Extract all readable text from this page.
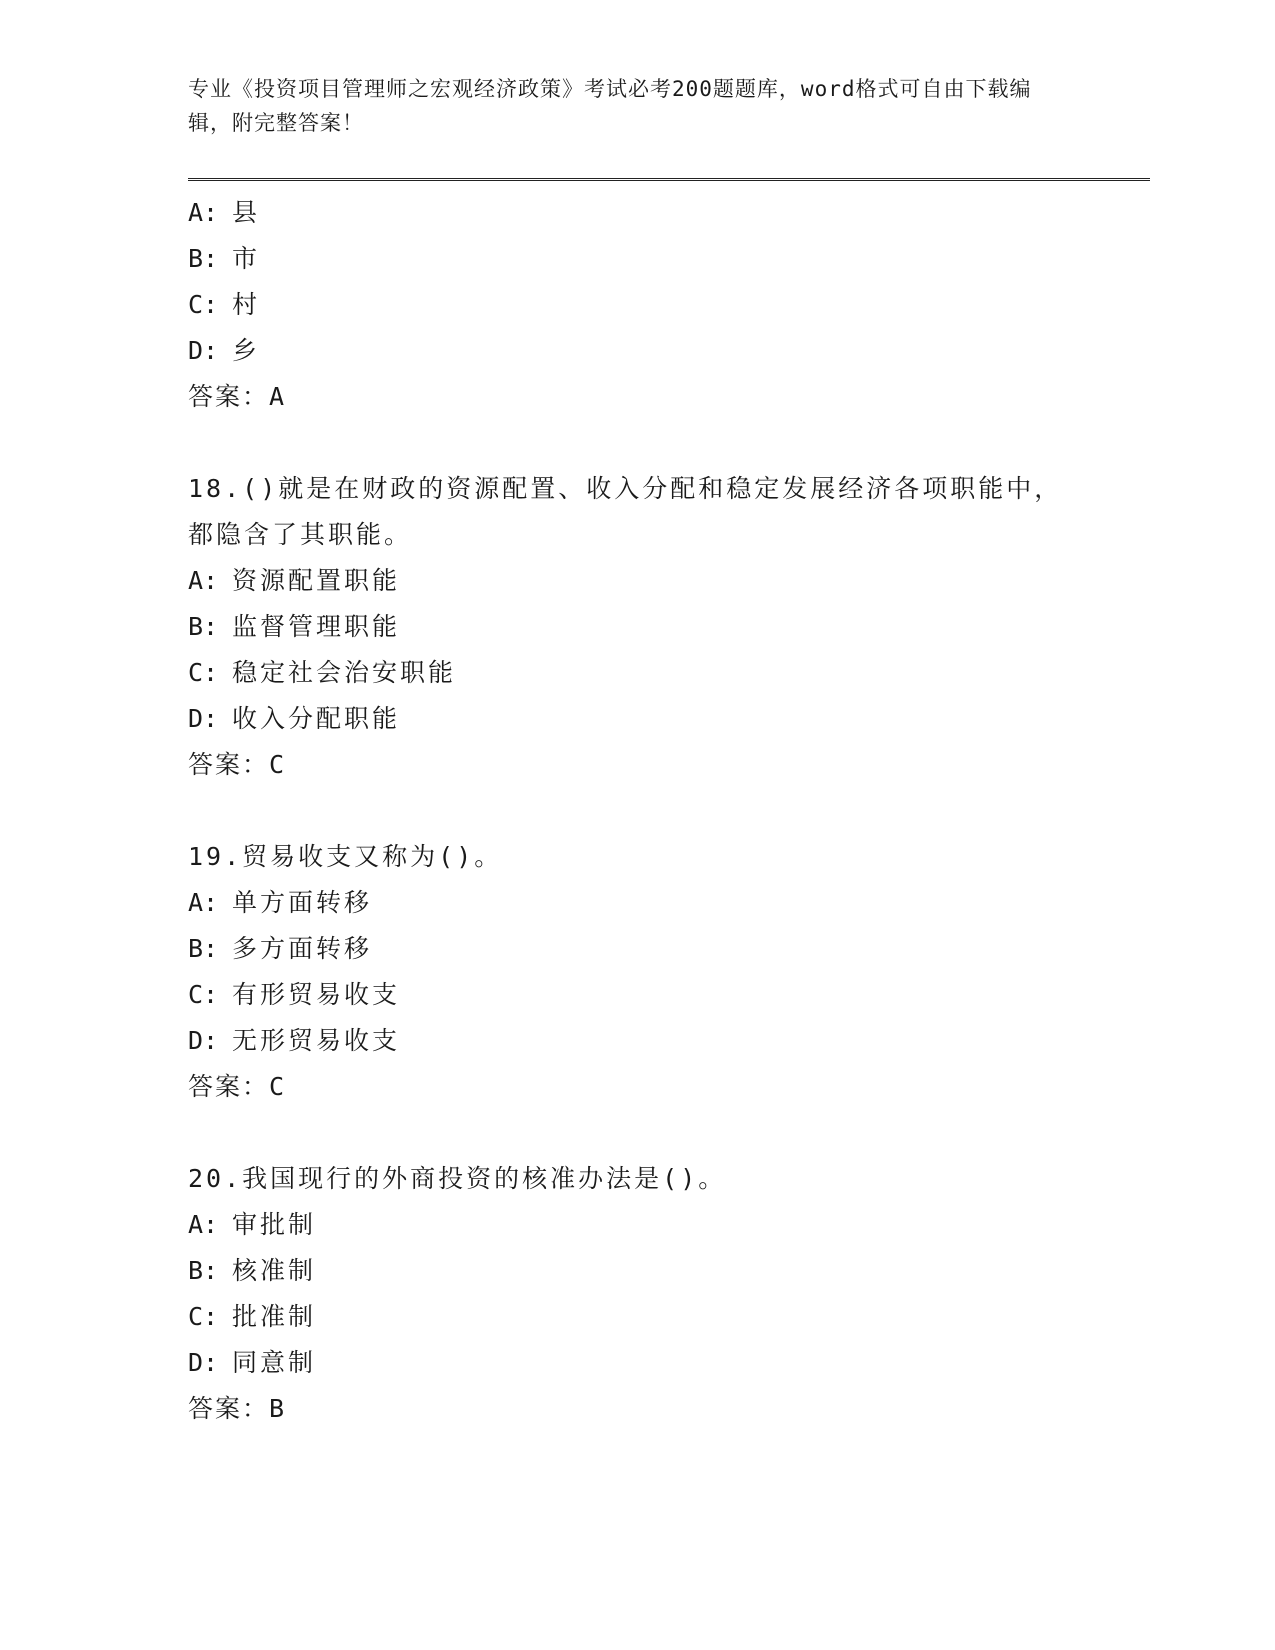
专业《投资项目管理师之宏观经济政策》考试必考200题题库，word格式可自由下载编辑，附完整答案！
A: 县
B: 市
C: 村
D: 乡
答案：A
18.()就是在财政的资源配置、收入分配和稳定发展经济各项职能中，都隐含了其职能。
A: 资源配置职能
B: 监督管理职能
C: 稳定社会治安职能
D: 收入分配职能
答案：C
19.贸易收支又称为()。
A: 单方面转移
B: 多方面转移
C: 有形贸易收支
D: 无形贸易收支
答案：C
20.我国现行的外商投资的核准办法是()。
A: 审批制
B: 核准制
C: 批准制
D: 同意制
答案：B
